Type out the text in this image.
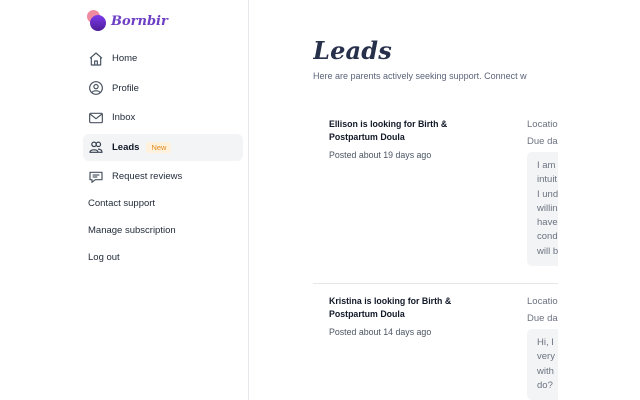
Bornbir
Home
Profile
Inbox
Leads	New
Request reviews
Contact support
Manage subscription
Log out
Leads

Here are parents actively seeking support. Connect w

Ellison is looking for Birth & Postpartum Doula
Posted about 19 days ago
Locatio
Due da
I am
intuit
I und
willin
have
cond
will b
Kristina is looking for Birth & Postpartum Doula
Posted about 14 days ago
Locatio
Due da
Hi, I
very
with
do?
